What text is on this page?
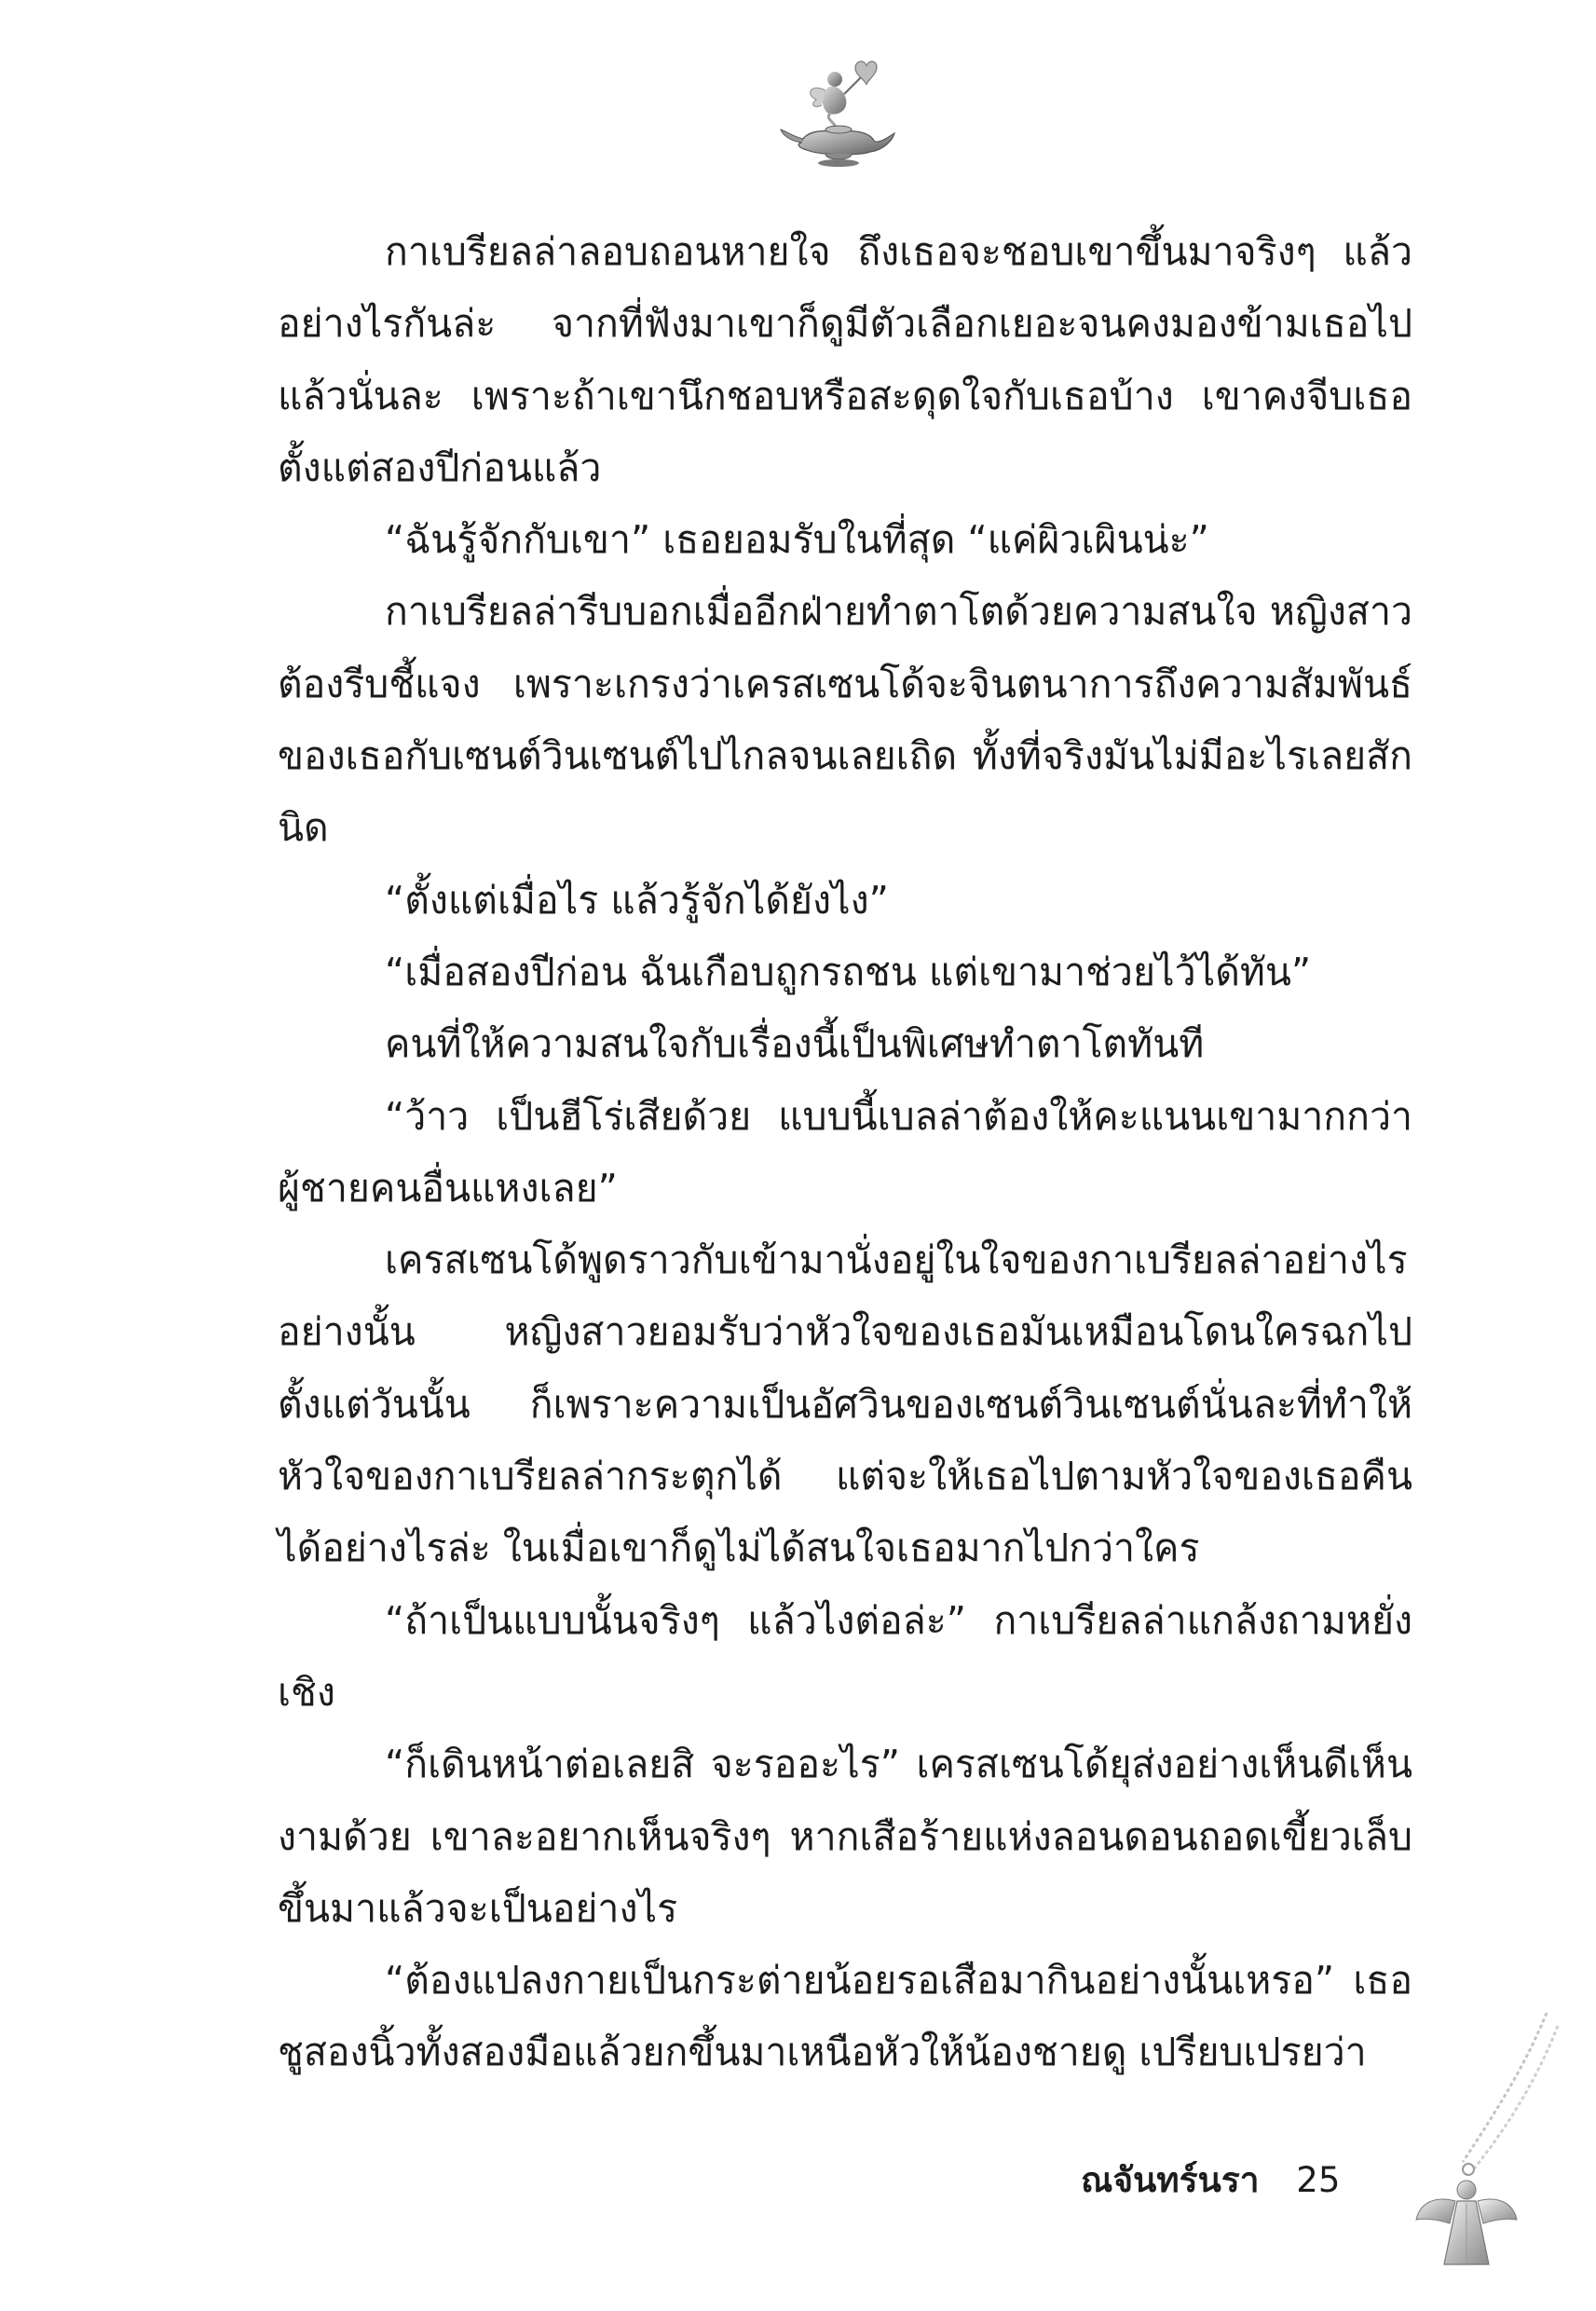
กาเบรียลล่าลอบถอนหายใจ ถึงเธอจะชอบเขาขึ้นมาจริงๆ แล้วอย่างไรกันล่ะ จากที่ฟังมาเขาก็ดูมีตัวเลือกเยอะจนคงมองข้ามเธอไปแล้วนั่นละ เพราะถ้าเขานึกชอบหรือสะดุดใจกับเธอบ้าง เขาคงจีบเธอตั้งแต่สองปีก่อนแล้ว

“ฉันรู้จักกับเขา” เธอยอมรับในที่สุด “แค่ผิวเผินน่ะ”

กาเบรียลล่ารีบบอกเมื่ออีกฝ่ายทำตาโตด้วยความสนใจ หญิงสาวต้องรีบชี้แจง เพราะเกรงว่าเครสเซนโด้จะจินตนาการถึงความสัมพันธ์ของเธอกับเซนต์วินเซนต์ไปไกลจนเลยเถิด ทั้งที่จริงมันไม่มีอะไรเลยสักนิด

“ตั้งแต่เมื่อไร แล้วรู้จักได้ยังไง”

“เมื่อสองปีก่อน ฉันเกือบถูกรถชน แต่เขามาช่วยไว้ได้ทัน”

คนที่ให้ความสนใจกับเรื่องนี้เป็นพิเศษทำตาโตทันที

“ว้าว เป็นฮีโร่เสียด้วย แบบนี้เบลล่าต้องให้คะแนนเขามากกว่าผู้ชายคนอื่นแหงเลย”

เครสเซนโด้พูดราวกับเข้ามานั่งอยู่ในใจของกาเบรียลล่าอย่างไรอย่างนั้น หญิงสาวยอมรับว่าหัวใจของเธอมันเหมือนโดนใครฉกไปตั้งแต่วันนั้น ก็เพราะความเป็นอัศวินของเซนต์วินเซนต์นั่นละที่ทำให้หัวใจของกาเบรียลล่ากระตุกได้ แต่จะให้เธอไปตามหัวใจของเธอคืนได้อย่างไรล่ะ ในเมื่อเขาก็ดูไม่ได้สนใจเธอมากไปกว่าใคร

“ถ้าเป็นแบบนั้นจริงๆ แล้วไงต่อล่ะ” กาเบรียลล่าแกล้งถามหยั่งเชิง

“ก็เดินหน้าต่อเลยสิ จะรออะไร” เครสเซนโด้ยุส่งอย่างเห็นดีเห็นงามด้วย เขาละอยากเห็นจริงๆ หากเสือร้ายแห่งลอนดอนถอดเขี้ยวเล็บขึ้นมาแล้วจะเป็นอย่างไร

“ต้องแปลงกายเป็นกระต่ายน้อยรอเสือมากินอย่างนั้นเหรอ” เธอชูสองนิ้วทั้งสองมือแล้วยกขึ้นมาเหนือหัวให้น้องชายดู เปรียบเปรยว่า

ณจันทร์นรา 25
